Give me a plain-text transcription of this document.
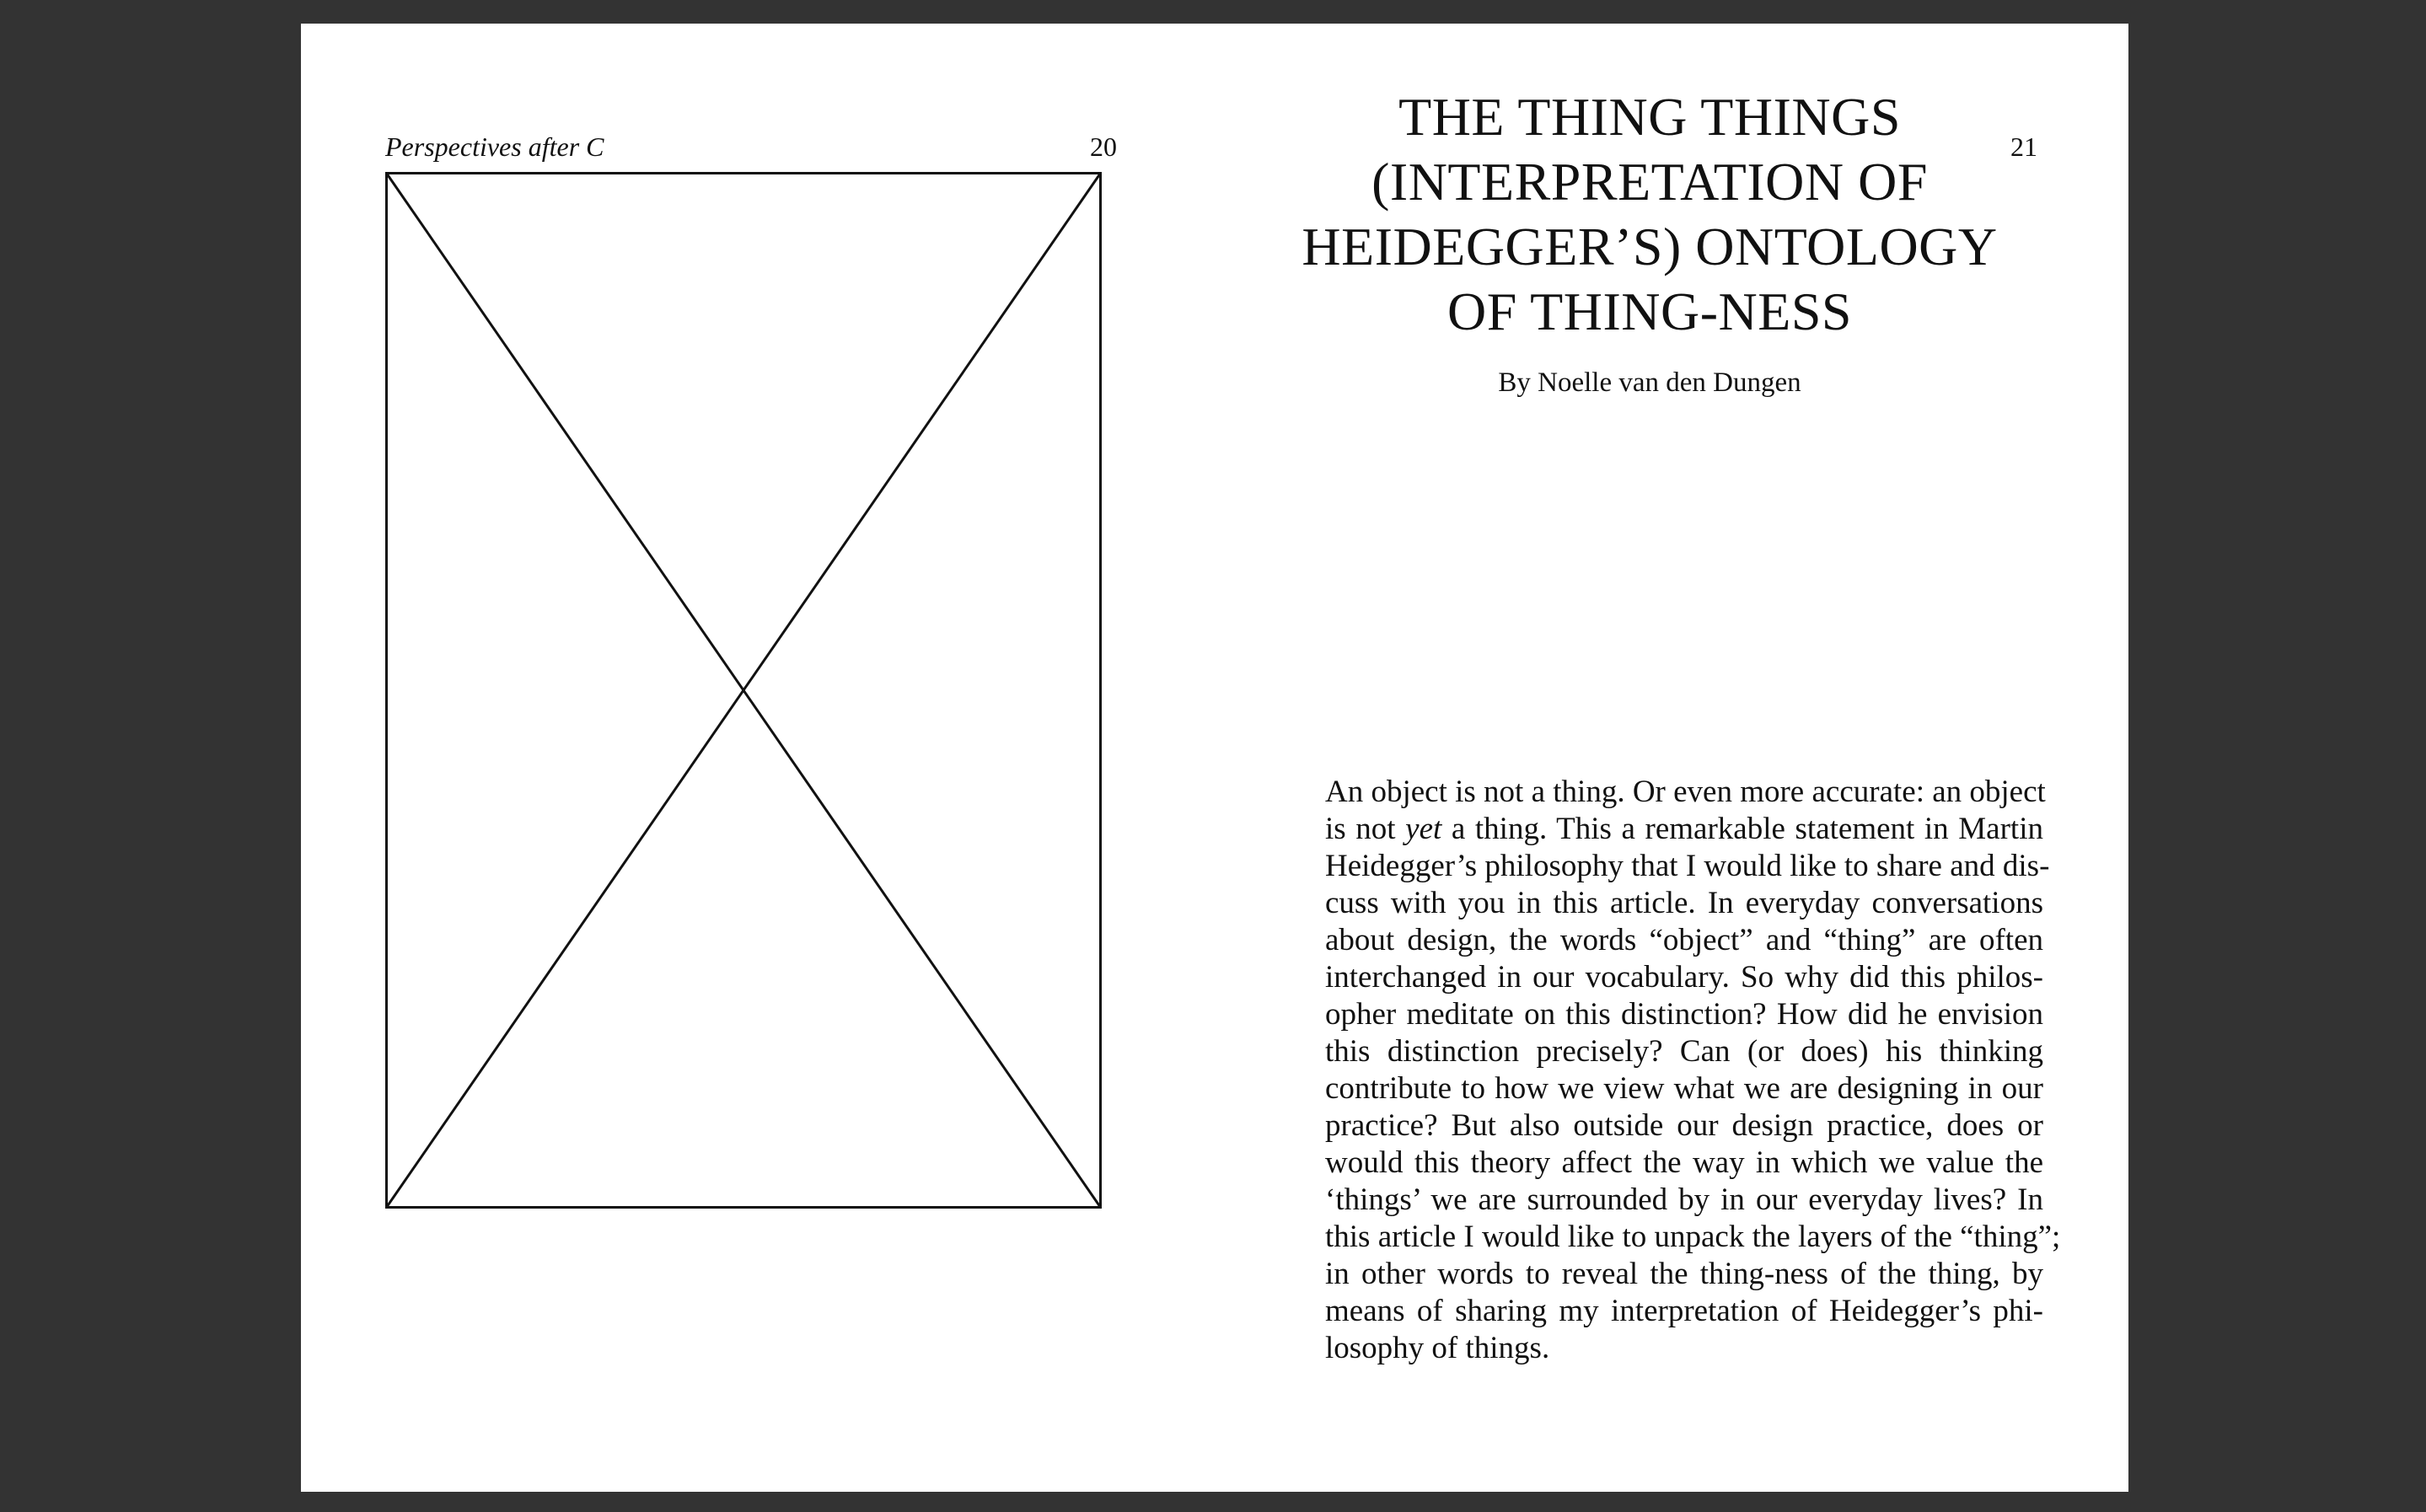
Perspectives after C	20	21

THE THING THINGS
(INTERPRETATION OF
HEIDEGGER’S) ONTOLOGY
OF THING-NESS

By Noelle van den Dungen

An object is not a thing. Or even more accurate: an object
is not yet a thing. This a remarkable statement in Martin
Heidegger’s philosophy that I would like to share and dis-
cuss with you in this article. In everyday conversations
about design, the words “object” and “thing” are often
interchanged in our vocabulary. So why did this philos-
opher meditate on this distinction? How did he envision
this distinction precisely? Can (or does) his thinking
contribute to how we view what we are designing in our
practice? But also outside our design practice, does or
would this theory affect the way in which we value the
‘things’ we are surrounded by in our everyday lives? In
this article I would like to unpack the layers of the “thing”;
in other words to reveal the thing-ness of the thing, by
means of sharing my interpretation of Heidegger’s phi-
losophy of things.
